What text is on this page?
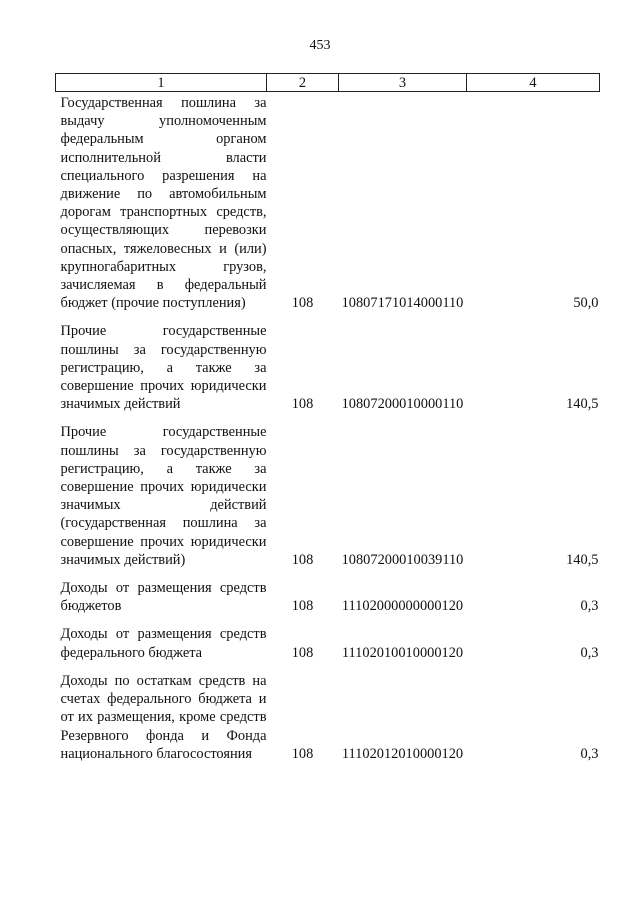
453
1	2	3	4
Государственная пошлина за выдачу уполномоченным федеральным органом исполнительной власти специального разрешения на движение по автомобильным дорогам транспортных средств, осуществляющих перевозки опасных, тяжеловесных и (или) крупногабаритных грузов, зачисляемая в федеральный бюджет (прочие поступления)	108	10807171014000110	50,0
Прочие государственные пошлины за государственную регистрацию, а также за совершение прочих юридически значимых действий	108	10807200010000110	140,5
Прочие государственные пошлины за государственную регистрацию, а также за совершение прочих юридически значимых действий (государственная пошлина за совершение прочих юридически значимых действий)	108	10807200010039110	140,5
Доходы от размещения средств бюджетов	108	11102000000000120	0,3
Доходы от размещения средств федерального бюджета	108	11102010010000120	0,3
Доходы по остаткам средств на счетах федерального бюджета и от их размещения, кроме средств Резервного фонда и Фонда национального благосостояния	108	11102012010000120	0,3
